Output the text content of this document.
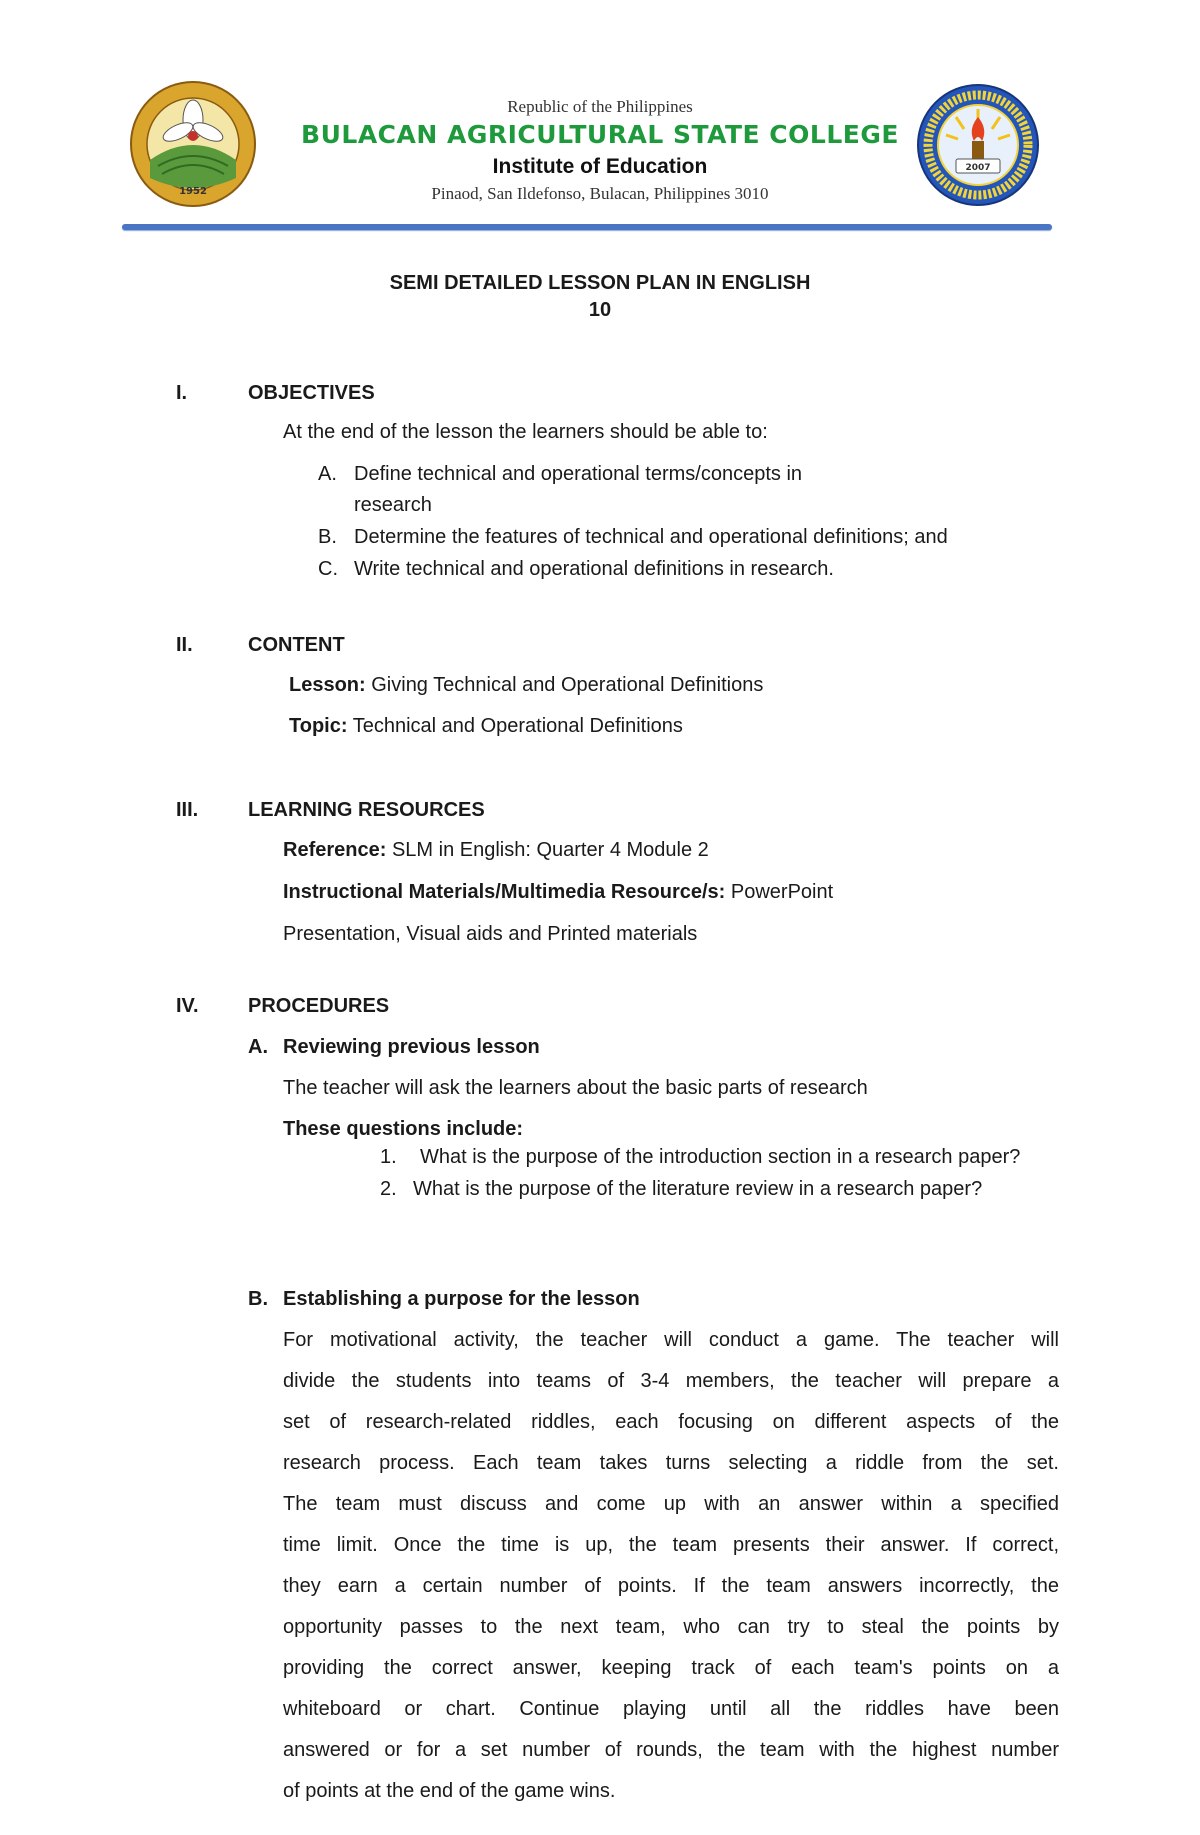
1952
Republic of the Philippines
BULACAN AGRICULTURAL STATE COLLEGE
Institute of Education
Pinaod, San Ildefonso, Bulacan, Philippines 3010
2007
SEMI DETAILED LESSON PLAN IN ENGLISH
10
I.	OBJECTIVES
At the end of the lesson the learners should be able to:
A. Define technical and operational terms/concepts in
research
B. Determine the features of technical and operational definitions; and
C. Write technical and operational definitions in research.
II.	CONTENT
Lesson: Giving Technical and Operational Definitions
Topic: Technical and Operational Definitions
III. LEARNING RESOURCES
Reference: SLM in English: Quarter 4 Module 2
Instructional Materials/Multimedia Resource/s: PowerPoint
Presentation, Visual aids and Printed materials
IV. PROCEDURES
A. Reviewing previous lesson
The teacher will ask the learners about the basic parts of research
These questions include:
1. What is the purpose of the introduction section in a research paper?
2. What is the purpose of the literature review in a research paper?
B. Establishing a purpose for the lesson
For motivational activity, the teacher will conduct a game. The teacher will
divide the students into teams of 3-4 members, the teacher will prepare a
set of research-related riddles, each focusing on different aspects of the
research process. Each team takes turns selecting a riddle from the set.
The team must discuss and come up with an answer within a specified
time limit. Once the time is up, the team presents their answer. If correct,
they earn a certain number of points. If the team answers incorrectly, the
opportunity passes to the next team, who can try to steal the points by
providing the correct answer, keeping track of each team's points on a
whiteboard or chart. Continue playing until all the riddles have been
answered or for a set number of rounds, the team with the highest number
of points at the end of the game wins.
